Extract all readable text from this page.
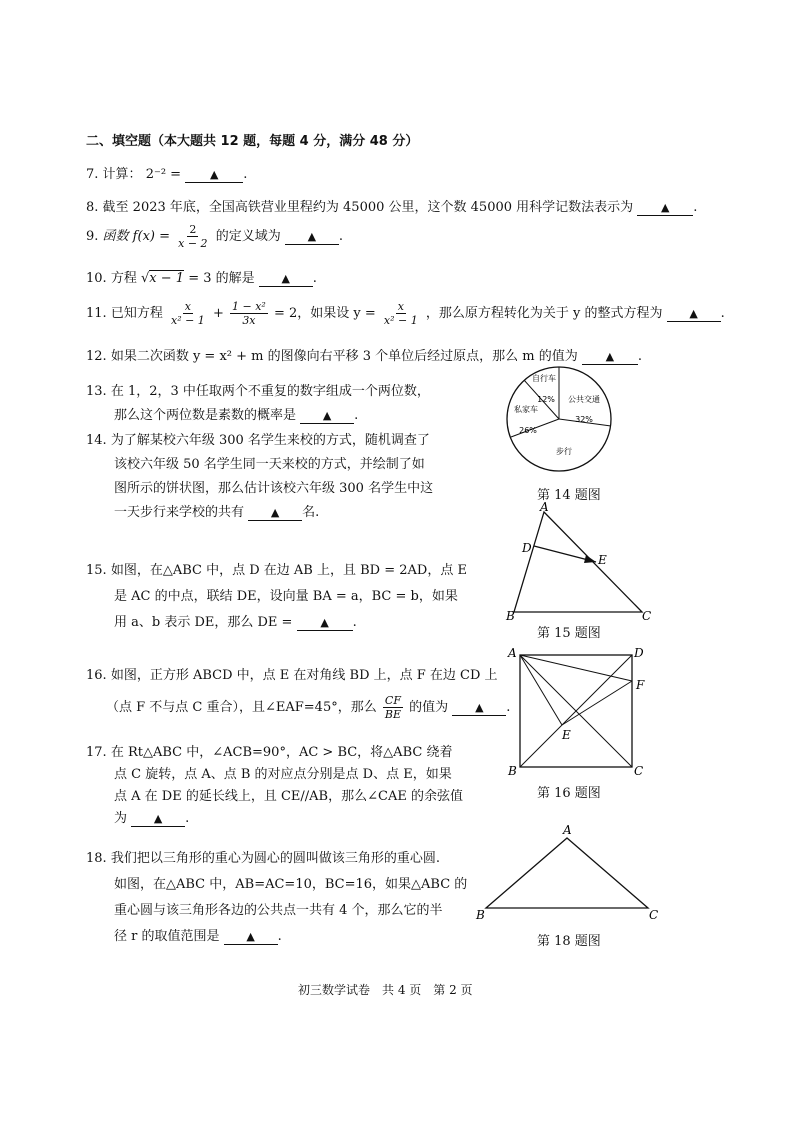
二、填空题（本大题共 12 题，每题 4 分，满分 48 分）
7. 计算： 2⁻² =	▲ .
8. 截至 2023 年底，全国高铁营业里程约为 45000 公里，这个数 45000 用科学记数法表示为	▲ .
9. 函数 $f(x) = \frac{2}{x - 2}$ 的定义域为 ▲ .
10. 方程 √x − 1 = 3 的解是 ▲ .
11. 已知方程 $\frac{x}{\text{x² − 1}} + \frac{\text{1 − x²}}{3x} = 2$，如果设 $y = \frac{x}{\text{x² − 1}}$ ，那么原方程转化为关于 y 的整式方程为 ▲ .
12. 如果二次函数 y = x² + m 的图像向右平移 3 个单位后经过原点，那么 m 的值为	▲ .
13. 在 1，2，3 中任取两个不重复的数字组成一个两位数，
那么这个两位数是素数的概率是 ▲ .
14. 为了解某校六年级 300 名学生来校的方式，随机调查了
该校六年级 50 名学生同一天来校的方式，并绘制了如
图所示的饼状图，那么估计该校六年级 300 名学生中这
一天步行来学校的共有 ▲ 名.
自行车
12% 公共交通
32%
私家车
26%
步行
第 14 题图
15. 如图，在△ABC 中，点 D 在边 AB 上，且 BD = 2AD，点 E
是 AC 的中点，联结 DE，设向量 BA = a，BC = b，如果
用 a、b 表示 DE，那么 DE =	▲ .
A
B	C
D
E
第 15 题图
16. 如图，正方形 ABCD 中，点 E 在对角线 BD 上，点 F 在边 CD 上
（点 F 不与点 C 重合），且∠EAF=45°，那么 $\frac{CF}{BE}$ 的值为 ▲ .
A
B	C
D
E
F
第 16 题图
17. 在 Rt△ABC 中，∠ACB=90°，AC > BC，将△ABC 绕着
点 C 旋转，点 A、点 B 的对应点分别是点 D、点 E，如果
点 A 在 DE 的延长线上，且 CE//AB，那么∠CAE 的余弦值
为 ▲ .
18. 我们把以三角形的重心为圆心的圆叫做该三角形的重心圆.
如图，在△ABC 中，AB=AC=10，BC=16，如果△ABC 的
重心圆与该三角形各边的公共点一共有 4 个，那么它的半
径 r 的取值范围是 ▲ .
A
B	C
第 18 题图
初三数学试卷　共 4 页　第 2 页
